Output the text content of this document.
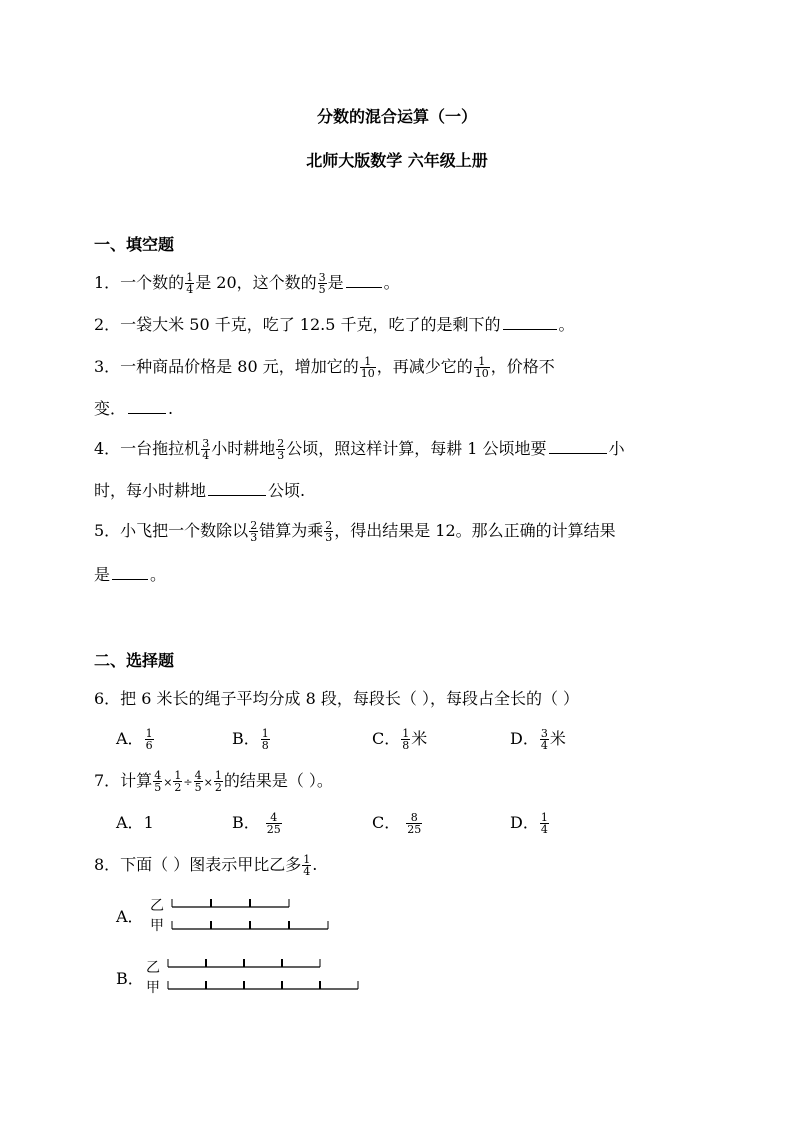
分数的混合运算（一）
北师大版数学 六年级上册
一、填空题
1．一个数的 $\frac{1}{4}$ 是 20，这个数的 $\frac{3}{5}$ 是	。
2．一袋大米 50 千克，吃了 12.5 千克，吃了的是剩下的	。
3．一种商品价格是 80 元，增加它的 $\frac{1}{10}$ ，再减少它的 $\frac{1}{10}$ ，价格不
变．	.
4．一台拖拉机 $\frac{3}{4}$ 小时耕地 $\frac{2}{3}$ 公顷，照这样计算，每耕 1 公顷地要	小
时，每小时耕地	公顷.
5．小飞把一个数除以 $\frac{2}{3}$ 错算为乘 $\frac{2}{3}$ ，得出结果是 12。那么正确的计算结果
是	。
二、选择题
6．把 6 米长的绳子平均分成 8 段，每段长（ ），每段占全长的（ ）
A． $\frac{1}{6}$	B． $\frac{1}{8}$	C． $\frac{1}{8}$ 米	D． $\frac{3}{4}$ 米
7．计算 $\frac{4}{5} \times \frac{1}{2} \div \frac{4}{5} \times \frac{1}{2}$ 的结果是（ ）。
A．1	B． $\frac{4}{25}$	C． $\frac{8}{25}$	D． $\frac{1}{4}$
8．下面（ ）图表示甲比乙多 $\frac{1}{4}$ .
A．
乙
甲
B．
乙
甲
